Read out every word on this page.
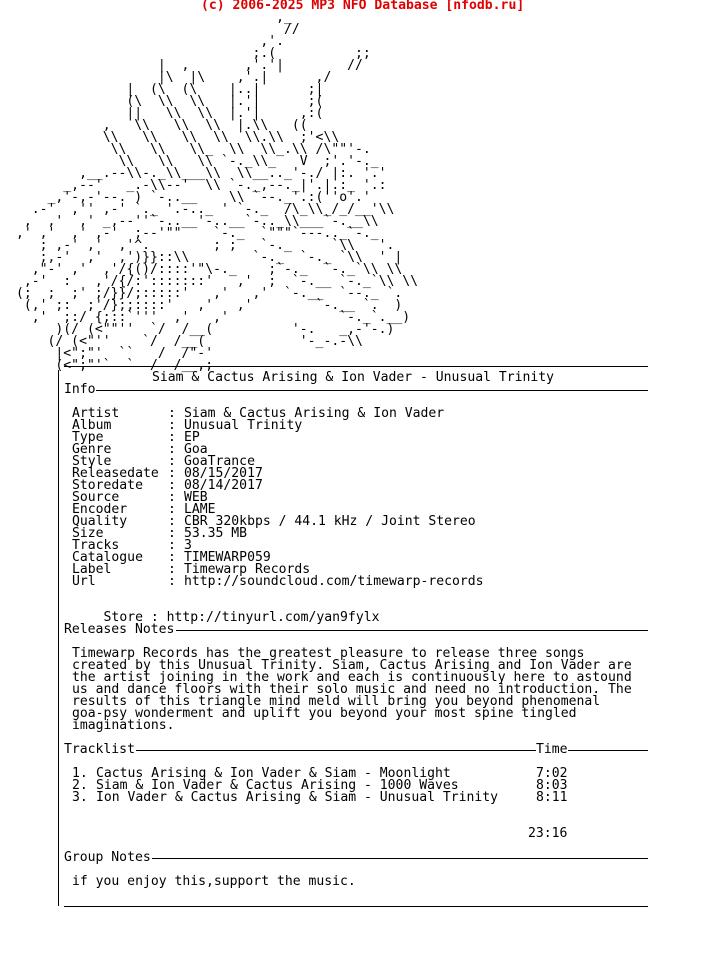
(c) 2006-2025 MP3 NFO Database [nfodb.ru]
,_
//
,'.
;.(          ;;
|  ,       ,'.'|        //
|\  |\    ,'.|      ,/
|  (\  (\    |..|      ;|
(\  \\  \\   |.'|      ;(
||   \\  \\  |.'|     ,:(
,   \\   \\  \\  |.\\   ((
\\   \\   \\  \\  \\.\\  ;'<\\
\\   \\   \\_  \\  \\_.\\ /\""'-.
\\   \\   \\ `-._\\_   V  ;'.'-._
,__.--\\-._\\___\\  \\__.._'-./ |:. '.'
_,--'   _.-\\--'  \\ `-._,--._|'.|.:_ '.:
_,'-,-'--. ) `-..__    \\ `--._'.:(''o'.'
.-'  ,'' ,-' `._ '.-.._ ' `-._  /\_\\_/_/__'\\
,  ,'  ,' _,--''`-..__'-..__`-.._\\___`-.__\\
,' ,'  ,' ,-'  ;--'""    `-._  `"""`---.._`-._
; ,-' ,'  ,'^.        ; ;   `-._     `\\   '.
;,-'  ,'  ,')}}::\\        `-._  `-._ `\\  ' |
,"-' ,'  ,'/{()/::::'"\-._    ;`-._  `-._`\\ \\
,-'  :   ,'/{/:':::::::'   ,'  ;  `-.__ `-._`\\ \\
(;  ;  ;' ;/}}/;:::::'   ,'   ,'  `-.__  `--._ `.
(,' ;:  ;'/};;::::'   ,'   ,'        `-.__ `.  )
,'  ;:/ {;::`'''  ,'   ,'              `-._`.__)
)(/ (<""''  `/  /__(          '-.   _,-'-.)
(/ (<"''    `/  /__(            '-_-.-\\
|<";"'  ``   /  /"-'
(<";"'`  `  /  /__,;
Siam & Cactus Arising & Ion Vader - Unusual Trinity
Info
Artist	: Siam & Cactus Arising & Ion Vader
Album	: Unusual Trinity
Type	: EP
Genre	: Goa
Style	: GoaTrance
Releasedate : 08/15/2017
Storedate : 08/14/2017
Source	: WEB
Encoder	: LAME
Quality	: CBR 320kbps / 44.1 kHz / Joint Stereo
Size	: 53.35 MB
Tracks	: 3
Catalogue : TIMEWARP059
Label	: Timewarp Records
Url	: http://soundcloud.com/timewarp-records

Store : http://tinyurl.com/yan9fylx

Releases Notes
Timewarp Records has the greatest pleasure to release three songs
created by this Unusual Trinity. Siam, Cactus Arising and Ion Vader are
the artist joining in the work and each is continuously here to astound
us and dance floors with their solo music and need no introduction. The
results of this triangle mind meld will bring you beyond phenomenal
goa-psy wonderment and uplift you beyond your most spine tingled
imaginations.
Tracklist	Time
1. Cactus Arising & Ion Vader & Siam - Moonlight	7:02
2. Siam & Ion Vader & Cactus Arising - 1000 Waves	8:03
3. Ion Vader & Cactus Arising & Siam - Unusual Trinity	8:11
23:16
Group Notes
if you enjoy this,support the music.
